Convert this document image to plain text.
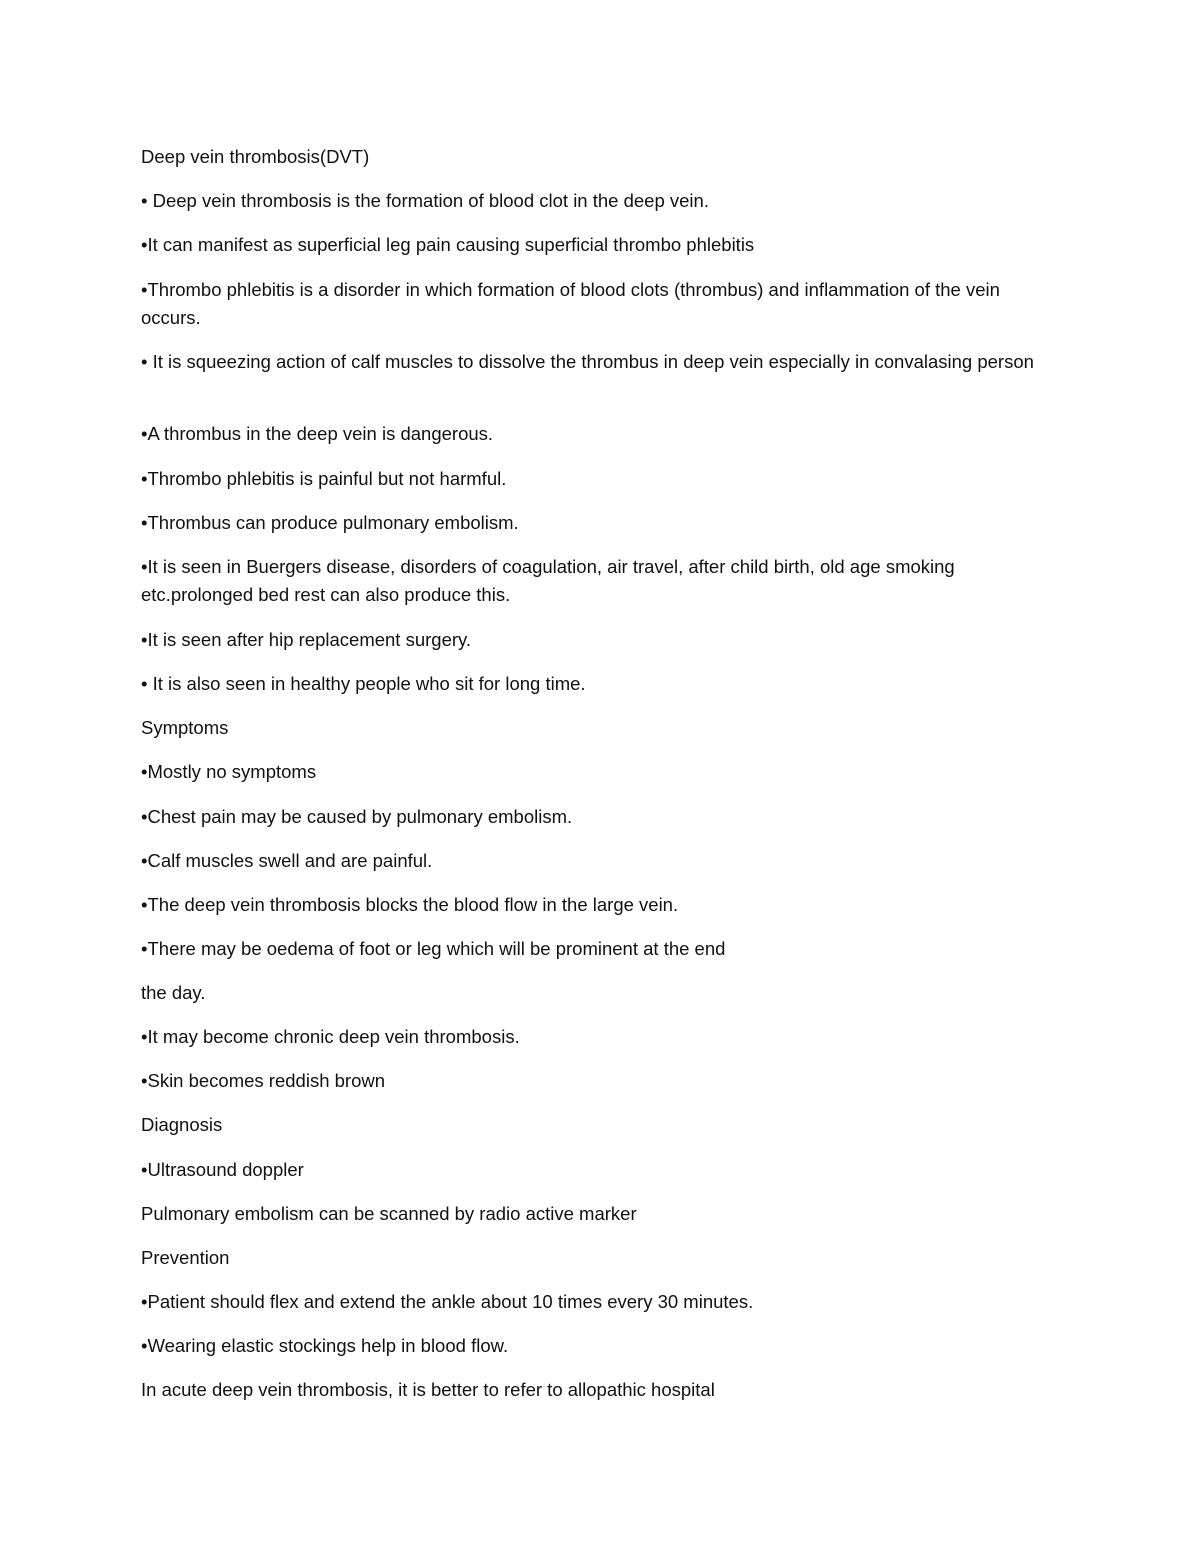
Deep vein thrombosis(DVT)
• Deep vein thrombosis is the formation of blood clot in the deep vein.
•It can manifest as superficial leg pain causing superficial thrombo phlebitis
•Thrombo phlebitis is a disorder in which formation of blood clots (thrombus) and inflammation of the vein occurs.
• It is squeezing action of calf muscles to dissolve the thrombus in deep vein especially in convalasing person
•A thrombus in the deep vein is dangerous.
•Thrombo phlebitis is painful but not harmful.
•Thrombus can produce pulmonary embolism.
•It is seen in Buergers disease, disorders of coagulation, air travel, after child birth, old age smoking etc.prolonged bed rest can also produce this.
•It is seen after hip replacement surgery.
• It is also seen in healthy people who sit for long time.
Symptoms
•Mostly no symptoms
•Chest pain may be caused by pulmonary embolism.
•Calf muscles swell and are painful.
•The deep vein thrombosis blocks the blood flow in the large vein.
•There may be oedema of foot or leg which will be prominent at the end
the day.
•It may become chronic deep vein thrombosis.
•Skin becomes reddish brown
Diagnosis
•Ultrasound doppler
Pulmonary embolism can be scanned by radio active marker
Prevention
•Patient should flex and extend the ankle about 10 times every 30 minutes.
•Wearing elastic stockings help in blood flow.
In acute deep vein thrombosis, it is better to refer to allopathic hospital
